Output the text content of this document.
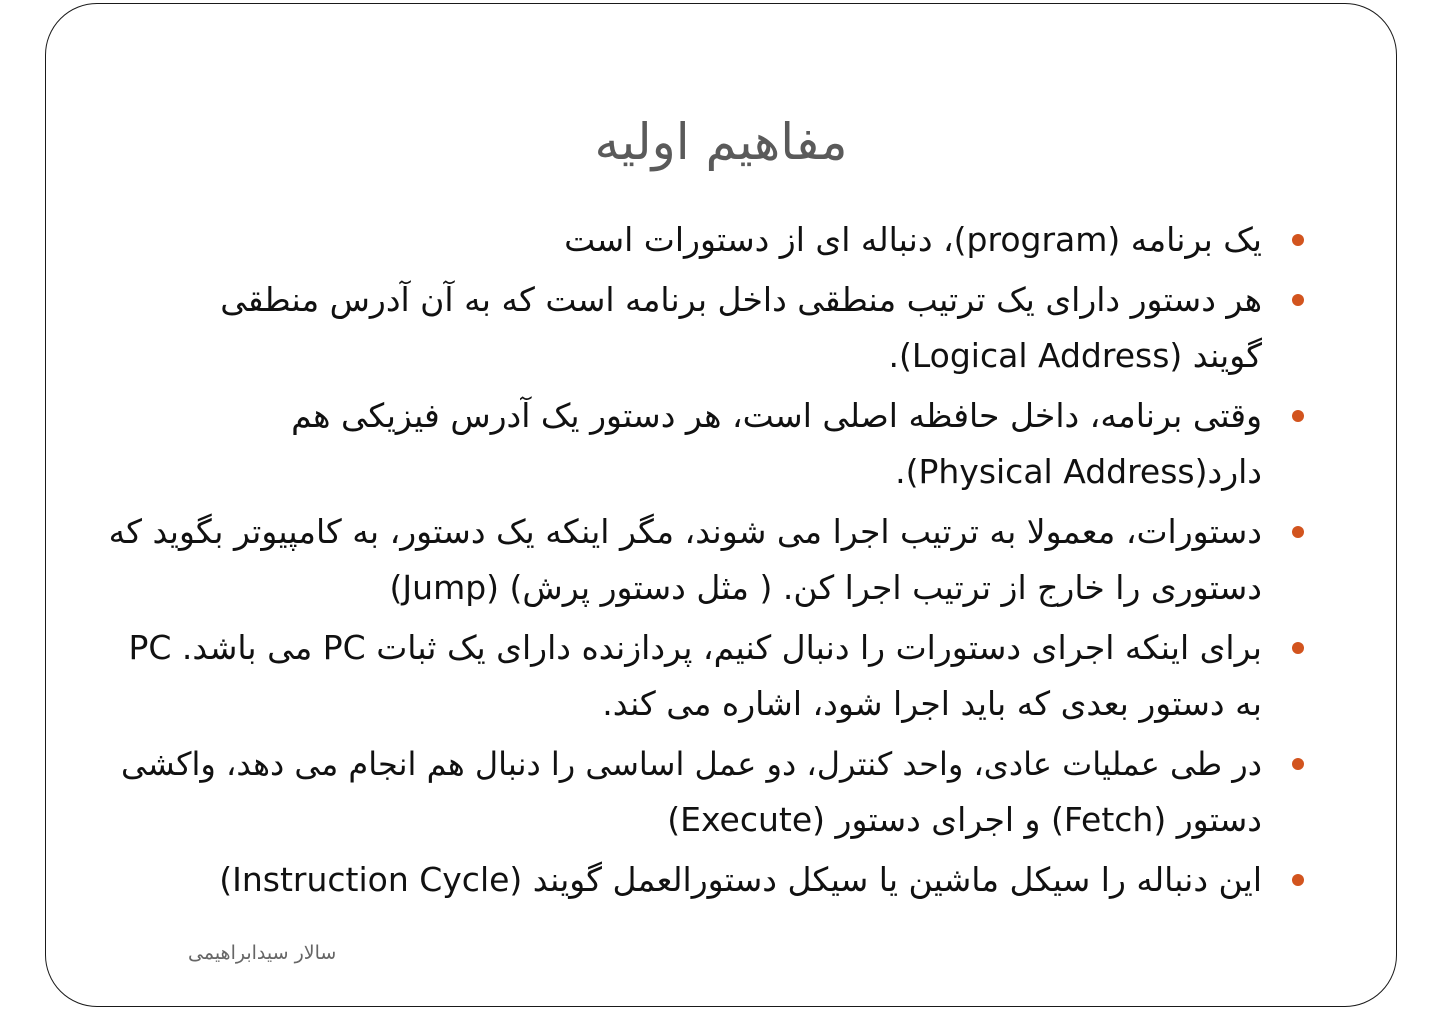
مفاهیم اولیه
یک برنامه (program)، دنباله ای از دستورات است
هر دستور دارای یک ترتیب منطقی داخل برنامه است که به آن آدرس منطقی
گویند (Logical Address).
وقتی برنامه، داخل حافظه اصلی است، هر دستور یک آدرس فیزیکی هم
دارد(Physical Address).
دستورات، معمولا به ترتیب اجرا می شوند، مگر اینکه یک دستور، به کامپیوتر بگوید که
دستوری را خارج از ترتیب اجرا کن. ( مثل دستور پرش) (Jump)
برای اینکه اجرای دستورات را دنبال کنیم، پردازنده دارای یک ثبات PC می باشد. PC
به دستور بعدی که باید اجرا شود، اشاره می کند.
در طی عملیات عادی، واحد کنترل، دو عمل اساسی را دنبال هم انجام می دهد، واکشی
دستور (Fetch) و اجرای دستور (Execute)
این دنباله را سیکل ماشین یا سیکل دستورالعمل گویند (Instruction Cycle)
سالار سیدابراهیمی
